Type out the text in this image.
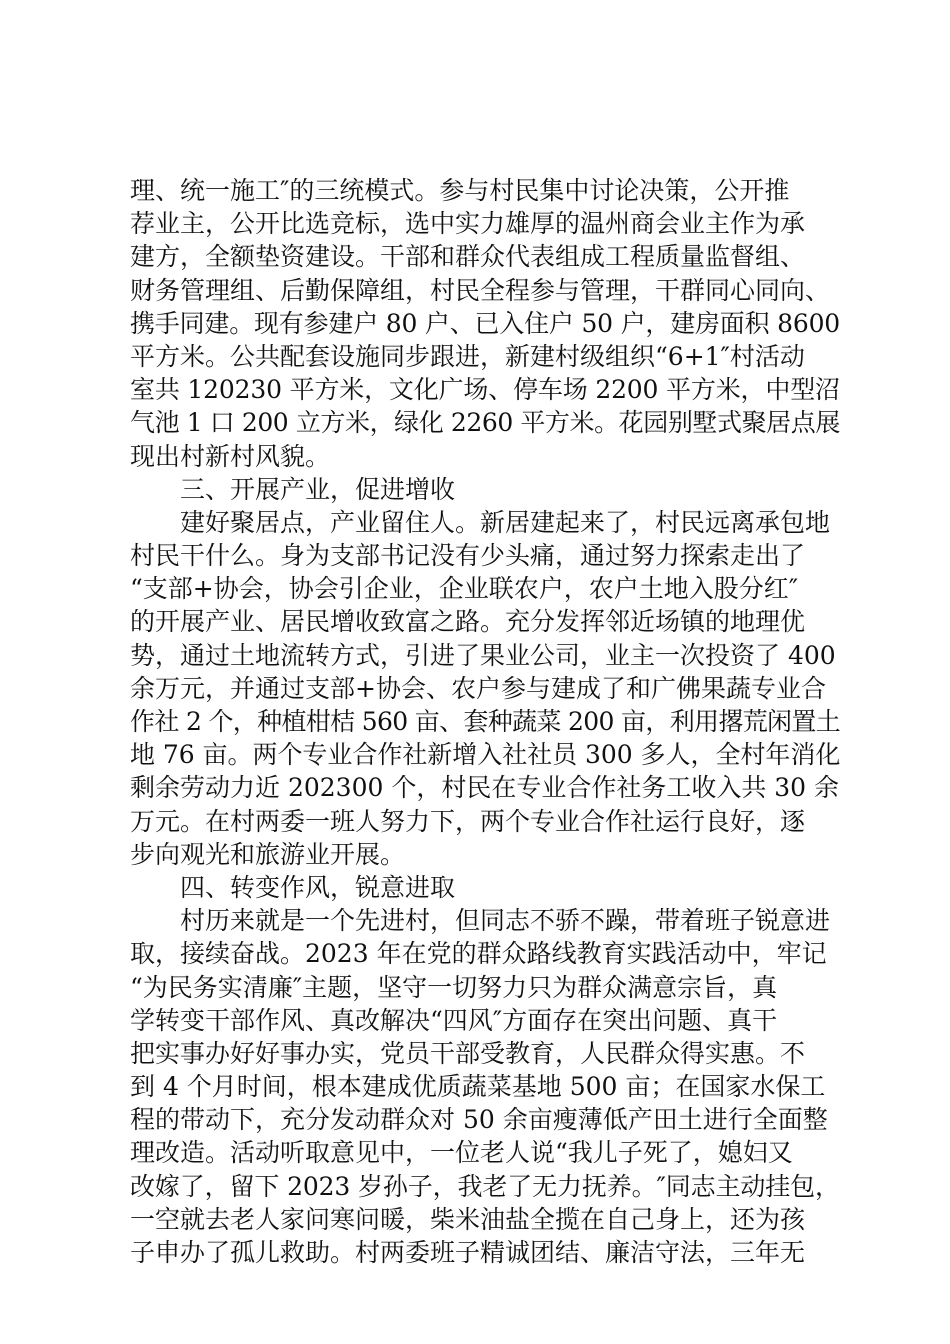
理、统一施工″的三统模式。参与村民集中讨论决策，公开推
荐业主，公开比选竞标，选中实力雄厚的温州商会业主作为承
建方，全额垫资建设。干部和群众代表组成工程质量监督组、
财务管理组、后勤保障组，村民全程参与管理，干群同心同向、
携手同建。现有参建户 80 户、已入住户 50 户，建房面积 8600
平方米。公共配套设施同步跟进，新建村级组织“6+1″村活动
室共 120230 平方米，文化广场、停车场 2200 平方米，中型沼
气池 1 口 200 立方米，绿化 2260 平方米。花园别墅式聚居点展
现出村新村风貌。
三、开展产业，促进增收
建好聚居点，产业留住人。新居建起来了，村民远离承包地
村民干什么。身为支部书记没有少头痛，通过努力探索走出了
“支部+协会，协会引企业，企业联农户，农户土地入股分红″
的开展产业、居民增收致富之路。充分发挥邻近场镇的地理优
势，通过土地流转方式，引进了果业公司，业主一次投资了 400
余万元，并通过支部+协会、农户参与建成了和广佛果蔬专业合
作社 2 个，种植柑桔 560 亩、套种蔬菜 200 亩，利用撂荒闲置土
地 76 亩。两个专业合作社新增入社社员 300 多人，全村年消化
剩余劳动力近 202300 个，村民在专业合作社务工收入共 30 余
万元。在村两委一班人努力下，两个专业合作社运行良好，逐
步向观光和旅游业开展。
四、转变作风，锐意进取
村历来就是一个先进村，但同志不骄不躁，带着班子锐意进
取，接续奋战。2023 年在党的群众路线教育实践活动中，牢记
“为民务实清廉″主题，坚守一切努力只为群众满意宗旨，真
学转变干部作风、真改解决“四风″方面存在突出问题、真干
把实事办好好事办实，党员干部受教育，人民群众得实惠。不
到 4 个月时间，根本建成优质蔬菜基地 500 亩；在国家水保工
程的带动下，充分发动群众对 50 余亩瘦薄低产田土进行全面整
理改造。活动听取意见中，一位老人说“我儿子死了，媳妇又
改嫁了，留下 2023 岁孙子，我老了无力抚养。″同志主动挂包，
一空就去老人家问寒问暖，柴米油盐全揽在自己身上，还为孩
子申办了孤儿救助。村两委班子精诚团结、廉洁守法，三年无
